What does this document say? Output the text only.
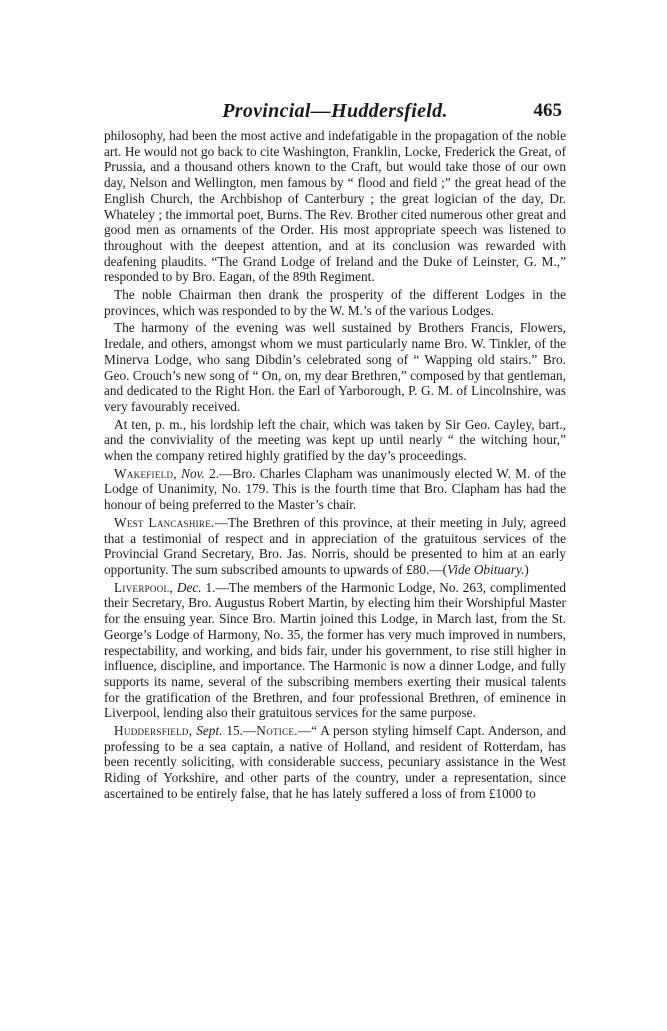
Provincial—Huddersfield.	465

philosophy, had been the most active and indefatigable in the propagation of the noble art. He would not go back to cite Washington, Franklin, Locke, Frederick the Great, of Prussia, and a thousand others known to the Craft, but would take those of our own day, Nelson and Wellington, men famous by “ flood and field ;” the great head of the English Church, the Archbishop of Canterbury ; the great logician of the day, Dr. Whateley ; the immortal poet, Burns. The Rev. Brother cited numerous other great and good men as ornaments of the Order. His most appropriate speech was listened to throughout with the deepest attention, and at its conclusion was rewarded with deafening plaudits. “The Grand Lodge of Ireland and the Duke of Leinster, G. M.,” responded to by Bro. Eagan, of the 89th Regiment.

The noble Chairman then drank the prosperity of the different Lodges in the provinces, which was responded to by the W. M.’s of the various Lodges.

The harmony of the evening was well sustained by Brothers Francis, Flowers, Iredale, and others, amongst whom we must particularly name Bro. W. Tinkler, of the Minerva Lodge, who sang Dibdin’s celebrated song of “ Wapping old stairs.” Bro. Geo. Crouch’s new song of “ On, on, my dear Brethren,” composed by that gentleman, and dedicated to the Right Hon. the Earl of Yarborough, P. G. M. of Lincolnshire, was very favourably received.

At ten, p. m., his lordship left the chair, which was taken by Sir Geo. Cayley, bart., and the conviviality of the meeting was kept up until nearly “ the witching hour,” when the company retired highly gratified by the day’s proceedings.

Wakefield, Nov. 2.—Bro. Charles Clapham was unanimously elected W. M. of the Lodge of Unanimity, No. 179. This is the fourth time that Bro. Clapham has had the honour of being preferred to the Master’s chair.

West Lancashire.—The Brethren of this province, at their meeting in July, agreed that a testimonial of respect and in appreciation of the gratuitous services of the Provincial Grand Secretary, Bro. Jas. Norris, should be presented to him at an early opportunity. The sum subscribed amounts to upwards of £80.—(Vide Obituary.)

Liverpool, Dec. 1.—The members of the Harmonic Lodge, No. 263, complimented their Secretary, Bro. Augustus Robert Martin, by electing him their Worshipful Master for the ensuing year. Since Bro. Martin joined this Lodge, in March last, from the St. George’s Lodge of Harmony, No. 35, the former has very much improved in numbers, respectability, and working, and bids fair, under his government, to rise still higher in influence, discipline, and importance. The Harmonic is now a dinner Lodge, and fully supports its name, several of the subscribing members exerting their musical talents for the gratification of the Brethren, and four professional Brethren, of eminence in Liverpool, lending also their gratuitous services for the same purpose.

Huddersfield, Sept. 15.—Notice.—“ A person styling himself Capt. Anderson, and professing to be a sea captain, a native of Holland, and resident of Rotterdam, has been recently soliciting, with considerable success, pecuniary assistance in the West Riding of Yorkshire, and other parts of the country, under a representation, since ascertained to be entirely false, that he has lately suffered a loss of from £1000 to
